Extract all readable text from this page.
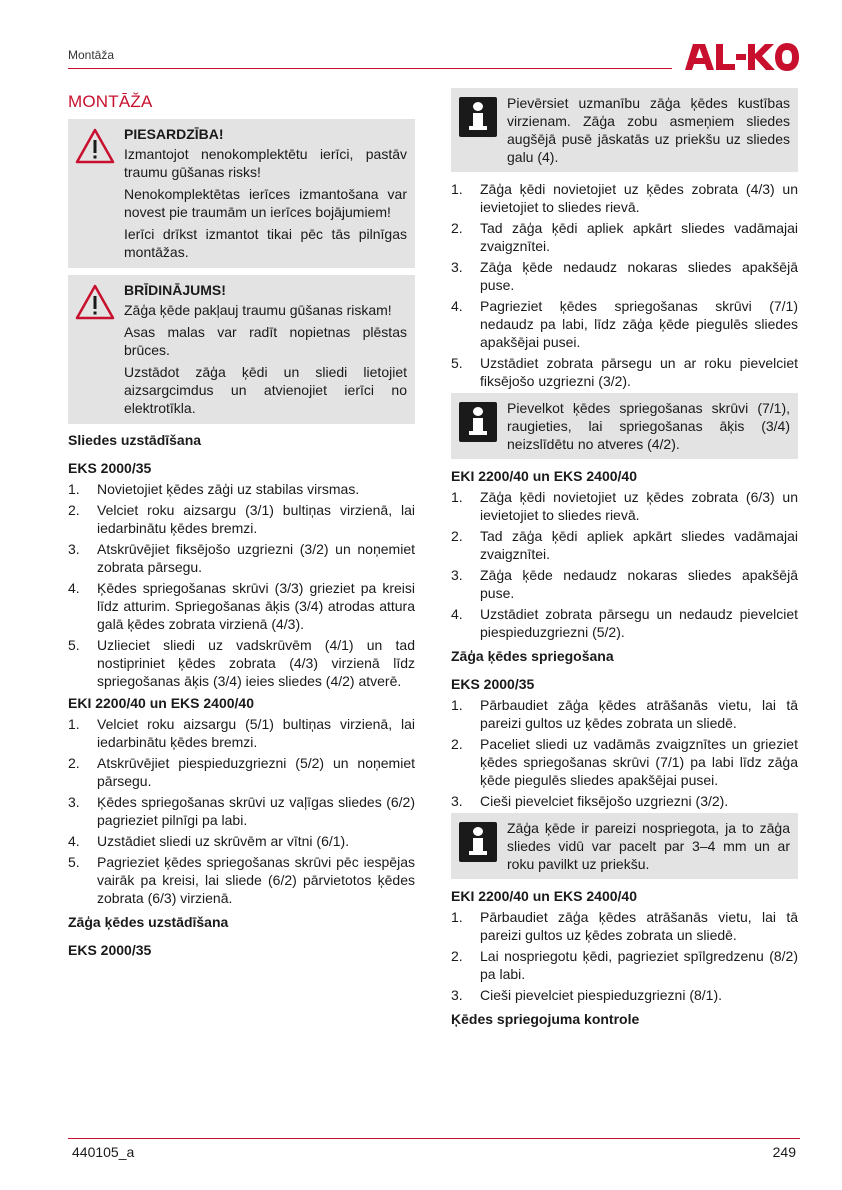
Montāža
MONTĀŽA
PIESARDZĪBA!

Izmantojot nenokomplektētu ierīci, pastāv traumu gūšanas risks!

Nenokomplektētas ierīces izmantošana var novest pie traumām un ierīces bojājumiem!

Ierīci drīkst izmantot tikai pēc tās pilnīgas montāžas.

BRĪDINĀJUMS!

Zāģa ķēde pakļauj traumu gūšanas riskam!

Asas malas var radīt nopietnas plēstas brūces.

Uzstādot zāģa ķēdi un sliedi lietojiet aizsargcimdus un atvienojiet ierīci no elektrotīkla.

Sliedes uzstādīšana
EKS 2000/35
1. Novietojiet ķēdes zāģi uz stabilas virsmas.
2. Velciet roku aizsargu (3/1) bultiņas virzienā, lai iedarbinātu ķēdes bremzi.
3. Atskrūvējiet fiksējošo uzgriezni (3/2) un noņemiet zobrata pārsegu.
4. Ķēdes spriegošanas skrūvi (3/3) grieziet pa kreisi līdz atturim. Spriegošanas āķis (3/4) atrodas attura galā ķēdes zobrata virzienā (4/3).
5. Uzlieciet sliedi uz vadskrūvēm (4/1) un tad nostipriniet ķēdes zobrata (4/3) virzienā līdz spriegošanas āķis (3/4) ieies sliedes (4/2) atverē.
EKI 2200/40 un EKS 2400/40
1. Velciet roku aizsargu (5/1) bultiņas virzienā, lai iedarbinātu ķēdes bremzi.
2. Atskrūvējiet piespieduzgriezni (5/2) un noņemiet pārsegu.
3. Ķēdes spriegošanas skrūvi uz vaļīgas sliedes (6/2) pagrieziet pilnīgi pa labi.
4. Uzstādiet sliedi uz skrūvēm ar vītni (6/1).
5. Pagrieziet ķēdes spriegošanas skrūvi pēc iespējas vairāk pa kreisi, lai sliede (6/2) pārvietotos ķēdes zobrata (6/3) virzienā.
Zāģa ķēdes uzstādīšana
EKS 2000/35
Pievērsiet uzmanību zāģa ķēdes kustības virzienam. Zāģa zobu asmeņiem sliedes augšējā pusē jāskatās uz priekšu uz sliedes galu (4).
1. Zāģa ķēdi novietojiet uz ķēdes zobrata (4/3) un ievietojiet to sliedes rievā.
2. Tad zāģa ķēdi apliek apkārt sliedes vadāmajai zvaigznītei.
3. Zāģa ķēde nedaudz nokaras sliedes apakšējā puse.
4. Pagrieziet ķēdes spriegošanas skrūvi (7/1) nedaudz pa labi, līdz zāģa ķēde piegulēs sliedes apakšējai pusei.
5. Uzstādiet zobrata pārsegu un ar roku pievelciet fiksējošo uzgriezni (3/2).
Pievelkot ķēdes spriegošanas skrūvi (7/1), raugieties, lai spriegošanas āķis (3/4) neizslīdētu no atveres (4/2).
EKI 2200/40 un EKS 2400/40
1. Zāģa ķēdi novietojiet uz ķēdes zobrata (6/3) un ievietojiet to sliedes rievā.
2. Tad zāģa ķēdi apliek apkārt sliedes vadāmajai zvaigznītei.
3. Zāģa ķēde nedaudz nokaras sliedes apakšējā puse.
4. Uzstādiet zobrata pārsegu un nedaudz pievelciet piespieduzgriezni (5/2).
Zāģa ķēdes spriegošana
EKS 2000/35
1. Pārbaudiet zāģa ķēdes atrāšanās vietu, lai tā pareizi gultos uz ķēdes zobrata un sliedē.
2. Paceliet sliedi uz vadāmās zvaigznītes un grieziet ķēdes spriegošanas skrūvi (7/1) pa labi līdz zāģa ķēde piegulēs sliedes apakšējai pusei.
3. Cieši pievelciet fiksējošo uzgriezni (3/2).
Zāģa ķēde ir pareizi nospriegota, ja to zāģa sliedes vidū var pacelt par 3–4 mm un ar roku pavilkt uz priekšu.
EKI 2200/40 un EKS 2400/40
1. Pārbaudiet zāģa ķēdes atrāšanās vietu, lai tā pareizi gultos uz ķēdes zobrata un sliedē.
2. Lai nospriegotu ķēdi, pagrieziet spīlgredzenu (8/2) pa labi.
3. Cieši pievelciet piespieduzgriezni (8/1).
Ķēdes spriegojuma kontrole
440105_a	249
